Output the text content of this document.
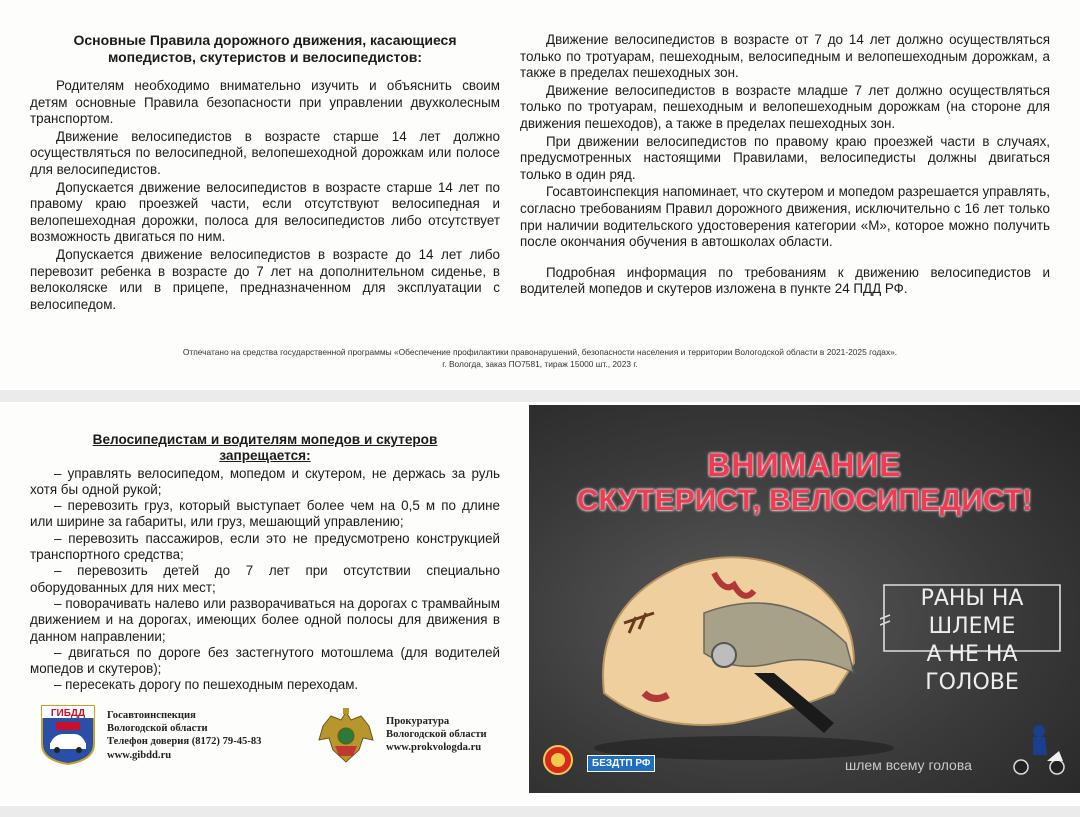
Основные Правила дорожного движения, касающиеся мопедистов, скутеристов и велосипедистов:

Родителям необходимо внимательно изучить и объяснить своим детям основные Правила безопасности при управлении двухколесным транспортом.

Движение велосипедистов в возрасте старше 14 лет должно осуществляться по велосипедной, велопешеходной дорожкам или полосе для велосипедистов.

Допускается движение велосипедистов в возрасте старше 14 лет по правому краю проезжей части, если отсутствуют велосипедная и велопешеходная дорожки, полоса для велосипедистов либо отсутствует возможность двигаться по ним.

Допускается движение велосипедистов в возрасте до 14 лет либо перевозит ребенка в возрасте до 7 лет на дополнительном сиденье, в велоколяске или в прицепе, предназначенном для эксплуатации с велосипедом.

Движение велосипедистов в возрасте от 7 до 14 лет должно осуществляться только по тротуарам, пешеходным, велосипедным и велопешеходным дорожкам, а также в пределах пешеходных зон.

Движение велосипедистов в возрасте младше 7 лет должно осуществляться только по тротуарам, пешеходным и велопешеходным дорожкам (на стороне для движения пешеходов), а также в пределах пешеходных зон.

При движении велосипедистов по правому краю проезжей части в случаях, предусмотренных настоящими Правилами, велосипедисты должны двигаться только в один ряд.

Госавтоинспекция напоминает, что скутером и мопедом разрешается управлять, согласно требованиям Правил дорожного движения, исключительно с 16 лет только при наличии водительского удостоверения категории «М», которое можно получить после окончания обучения в автошколах области.

Подробная информация по требованиям к движению велосипедистов и водителей мопедов и скутеров изложена в пункте 24 ПДД РФ.

Отпечатано на средства государственной программы «Обеспечение профилактики правонарушений, безопасности населения и территории Вологодской области в 2021-2025 годах».
г. Вологда, заказ ПО7581, тираж 15000 шт., 2023 г.
Велосипедистам и водителям мопедов и скутеров
запрещается:
– управлять велосипедом, мопедом и скутером, не держась за руль хотя бы одной рукой;
– перевозить груз, который выступает более чем на 0,5 м по длине или ширине за габариты, или груз, мешающий управлению;
– перевозить пассажиров, если это не предусмотрено конструкцией транспортного средства;
– перевозить детей до 7 лет при отсутствии специально оборудованных для них мест;
– поворачивать налево или разворачиваться на дорогах с трамвайным движением и на дорогах, имеющих более одной полосы для движения в данном направлении;
– двигаться по дороге без застегнутого мотошлема (для водителей мопедов и скутеров);
– пересекать дорогу по пешеходным переходам.
ГИБДД Госавтоинспекция
Вологодской области
Телефон доверия (8172) 79-45-83
www.gibdd.ru
Прокуратура
Вологодской области
www.prokvologda.ru
ВНИМАНИЕ
СКУТЕРИСТ, ВЕЛОСИПЕДИСТ!
РАНЫ НА ШЛЕМЕ
А НЕ НА ГОЛОВЕ
БЕЗДТП РФ	шлем всему голова
